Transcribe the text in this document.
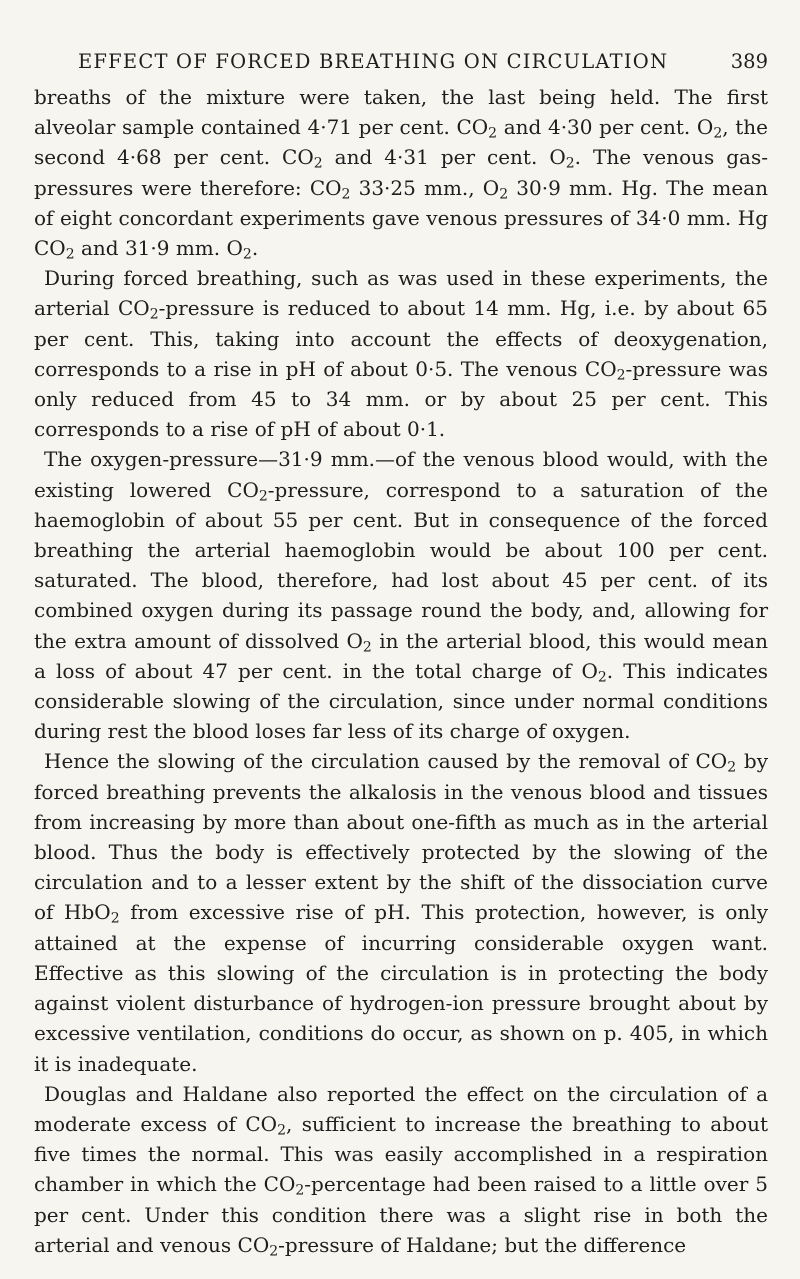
EFFECT OF FORCED BREATHING ON CIRCULATION	389

breaths of the mixture were taken, the last being held. The first alveolar sample contained 4·71 per cent. $CO_2$ and 4·30 per cent. $O_2$, the second 4·68 per cent. $CO_2$ and 4·31 per cent. $O_2$. The venous gas-pressures were therefore: $CO_2$ 33·25 mm., $O_2$ 30·9 mm. Hg. The mean of eight concordant experiments gave venous pressures of 34·0 mm. Hg $CO_2$ and 31·9 mm. $O_2$.

During forced breathing, such as was used in these experiments, the arterial $CO_2$-pressure is reduced to about 14 mm. Hg, i.e. by about 65 per cent. This, taking into account the effects of deoxygenation, corresponds to a rise in pH of about 0·5. The venous $CO_2$-pressure was only reduced from 45 to 34 mm. or by about 25 per cent. This corresponds to a rise of pH of about 0·1.

The oxygen-pressure—31·9 mm.—of the venous blood would, with the existing lowered $CO_2$-pressure, correspond to a saturation of the haemoglobin of about 55 per cent. But in consequence of the forced breathing the arterial haemoglobin would be about 100 per cent. saturated. The blood, therefore, had lost about 45 per cent. of its combined oxygen during its passage round the body, and, allowing for the extra amount of dissolved $O_2$ in the arterial blood, this would mean a loss of about 47 per cent. in the total charge of $O_2$. This indicates considerable slowing of the circulation, since under normal conditions during rest the blood loses far less of its charge of oxygen.

Hence the slowing of the circulation caused by the removal of $CO_2$ by forced breathing prevents the alkalosis in the venous blood and tissues from increasing by more than about one-fifth as much as in the arterial blood. Thus the body is effectively protected by the slowing of the circulation and to a lesser extent by the shift of the dissociation curve of HbO$_2$ from excessive rise of pH. This protection, however, is only attained at the expense of incurring considerable oxygen want. Effective as this slowing of the circulation is in protecting the body against violent disturbance of hydrogen-ion pressure brought about by excessive ventilation, conditions do occur, as shown on p. 405, in which it is inadequate.

Douglas and Haldane also reported the effect on the circulation of a moderate excess of $CO_2$, sufficient to increase the breathing to about five times the normal. This was easily accomplished in a respiration chamber in which the $CO_2$-percentage had been raised to a little over 5 per cent. Under this condition there was a slight rise in both the arterial and venous $CO_2$-pressure of Haldane; but the difference
